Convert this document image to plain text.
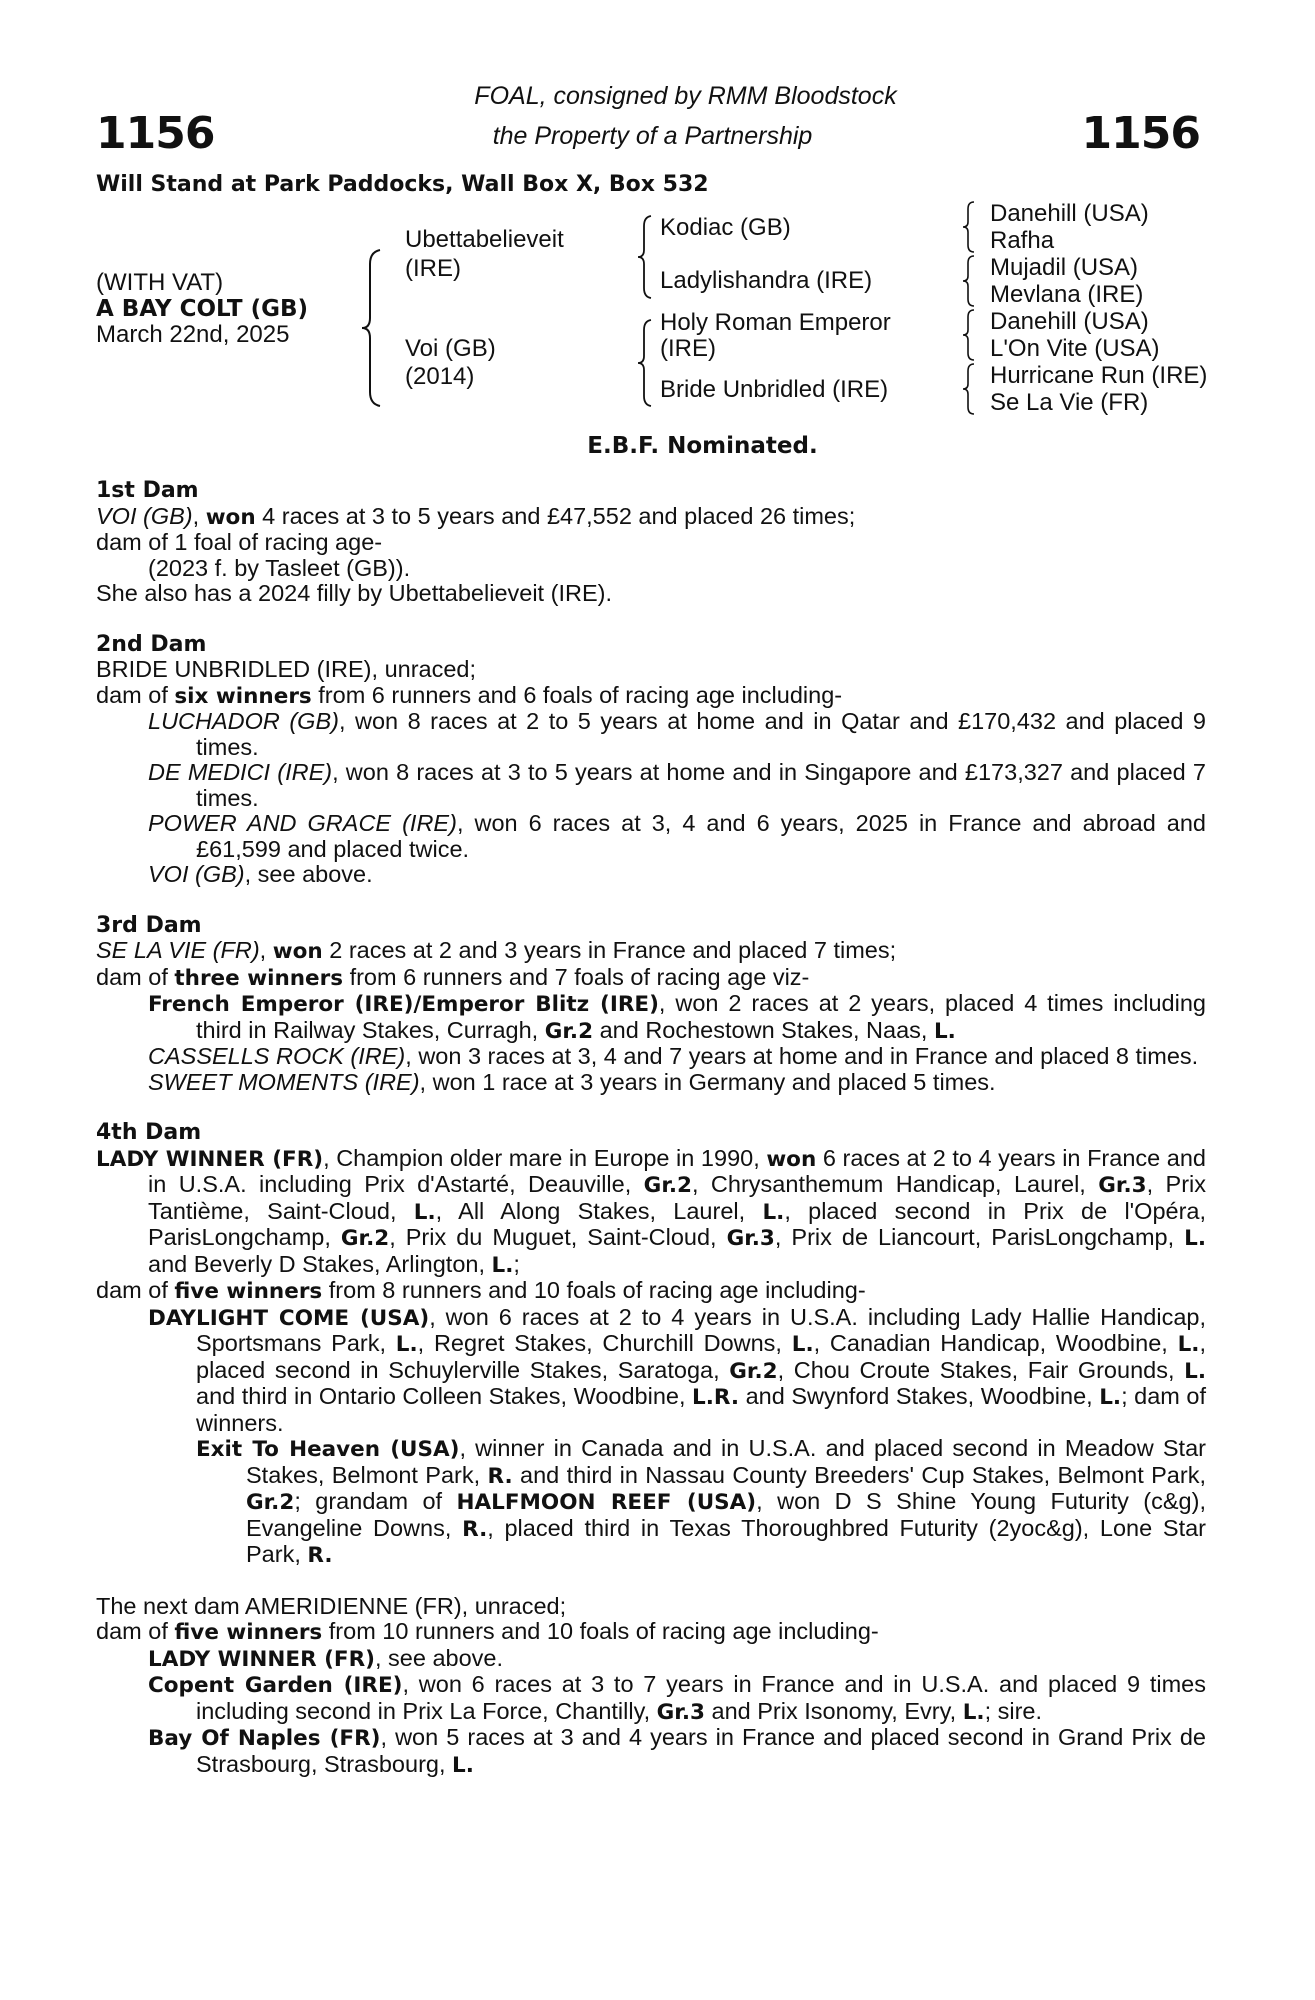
1156	1156
FOAL, consigned by RMM Bloodstock
the Property of a Partnership
Will Stand at Park Paddocks, Wall Box X, Box 532
(WITH VAT)
A BAY COLT (GB)
March 22nd, 2025
Ubettabelieveit
(IRE)
Voi (GB)
(2014)
Kodiac (GB)
Ladylishandra (IRE)
Holy Roman Emperor
(IRE)
Bride Unbridled (IRE)
Danehill (USA)
Rafha
Mujadil (USA)
Mevlana (IRE)
Danehill (USA)
L'On Vite (USA)
Hurricane Run (IRE)
Se La Vie (FR)
E.B.F. Nominated.
1st Dam
VOI (GB), won 4 races at 3 to 5 years and £47,552 and placed 26 times;
dam of 1 foal of racing age-
(2023 f. by Tasleet (GB)).
She also has a 2024 filly by Ubettabelieveit (IRE).
2nd Dam
BRIDE UNBRIDLED (IRE), unraced;
dam of six winners from 6 runners and 6 foals of racing age including-
LUCHADOR (GB), won 8 races at 2 to 5 years at home and in Qatar and £170,432 and placed 9 times.
DE MEDICI (IRE), won 8 races at 3 to 5 years at home and in Singapore and £173,327 and placed 7 times.
POWER AND GRACE (IRE), won 6 races at 3, 4 and 6 years, 2025 in France and abroad and £61,599 and placed twice.
VOI (GB), see above.
3rd Dam
SE LA VIE (FR), won 2 races at 2 and 3 years in France and placed 7 times;
dam of three winners from 6 runners and 7 foals of racing age viz-
French Emperor (IRE)/Emperor Blitz (IRE), won 2 races at 2 years, placed 4 times including third in Railway Stakes, Curragh, Gr.2 and Rochestown Stakes, Naas, L.
CASSELLS ROCK (IRE), won 3 races at 3, 4 and 7 years at home and in France and placed 8 times.
SWEET MOMENTS (IRE), won 1 race at 3 years in Germany and placed 5 times.
4th Dam
LADY WINNER (FR), Champion older mare in Europe in 1990, won 6 races at 2 to 4 years in France and in U.S.A. including Prix d'Astarté, Deauville, Gr.2, Chrysanthemum Handicap, Laurel, Gr.3, Prix Tantième, Saint-Cloud, L., All Along Stakes, Laurel, L., placed second in Prix de l'Opéra, ParisLongchamp, Gr.2, Prix du Muguet, Saint-Cloud, Gr.3, Prix de Liancourt, ParisLongchamp, L. and Beverly D Stakes, Arlington, L.;
dam of five winners from 8 runners and 10 foals of racing age including-
DAYLIGHT COME (USA), won 6 races at 2 to 4 years in U.S.A. including Lady Hallie Handicap, Sportsmans Park, L., Regret Stakes, Churchill Downs, L., Canadian Handicap, Woodbine, L., placed second in Schuylerville Stakes, Saratoga, Gr.2, Chou Croute Stakes, Fair Grounds, L. and third in Ontario Colleen Stakes, Woodbine, L.R. and Swynford Stakes, Woodbine, L.; dam of winners.
Exit To Heaven (USA), winner in Canada and in U.S.A. and placed second in Meadow Star Stakes, Belmont Park, R. and third in Nassau County Breeders' Cup Stakes, Belmont Park, Gr.2; grandam of HALFMOON REEF (USA), won D S Shine Young Futurity (c&g), Evangeline Downs, R., placed third in Texas Thoroughbred Futurity (2yoc&g), Lone Star Park, R.
The next dam AMERIDIENNE (FR), unraced;
dam of five winners from 10 runners and 10 foals of racing age including-
LADY WINNER (FR), see above.
Copent Garden (IRE), won 6 races at 3 to 7 years in France and in U.S.A. and placed 9 times including second in Prix La Force, Chantilly, Gr.3 and Prix Isonomy, Evry, L.; sire.
Bay Of Naples (FR), won 5 races at 3 and 4 years in France and placed second in Grand Prix de Strasbourg, Strasbourg, L.
